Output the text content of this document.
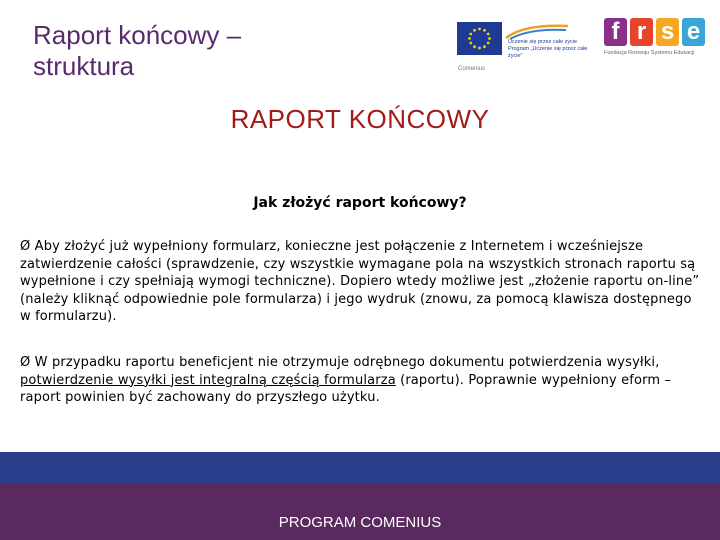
Raport końcowy –
struktura
Uczenie się przez całe życie
Program „Uczenie się przez całe życie"
Comenius
f r s e
Fundacja Rozwoju Systemu Edukacji
RAPORT KOŃCOWY
Jak złożyć raport końcowy?
Ø Aby złożyć już wypełniony formularz, konieczne jest połączenie z Internetem i wcześniejsze zatwierdzenie całości (sprawdzenie, czy wszystkie wymagane pola na wszystkich stronach raportu są wypełnione i czy spełniają wymogi techniczne). Dopiero wtedy możliwe jest „złożenie raportu on-line” (należy kliknąć odpowiednie pole formularza) i jego wydruk (znowu, za pomocą klawisza dostępnego w formularzu).
Ø W przypadku raportu beneficjent nie otrzymuje odrębnego dokumentu potwierdzenia wysyłki, potwierdzenie wysyłki jest integralną częścią formularza (raportu). Poprawnie wypełniony eform – raport powinien być zachowany do przyszłego użytku.
PROGRAM COMENIUS
